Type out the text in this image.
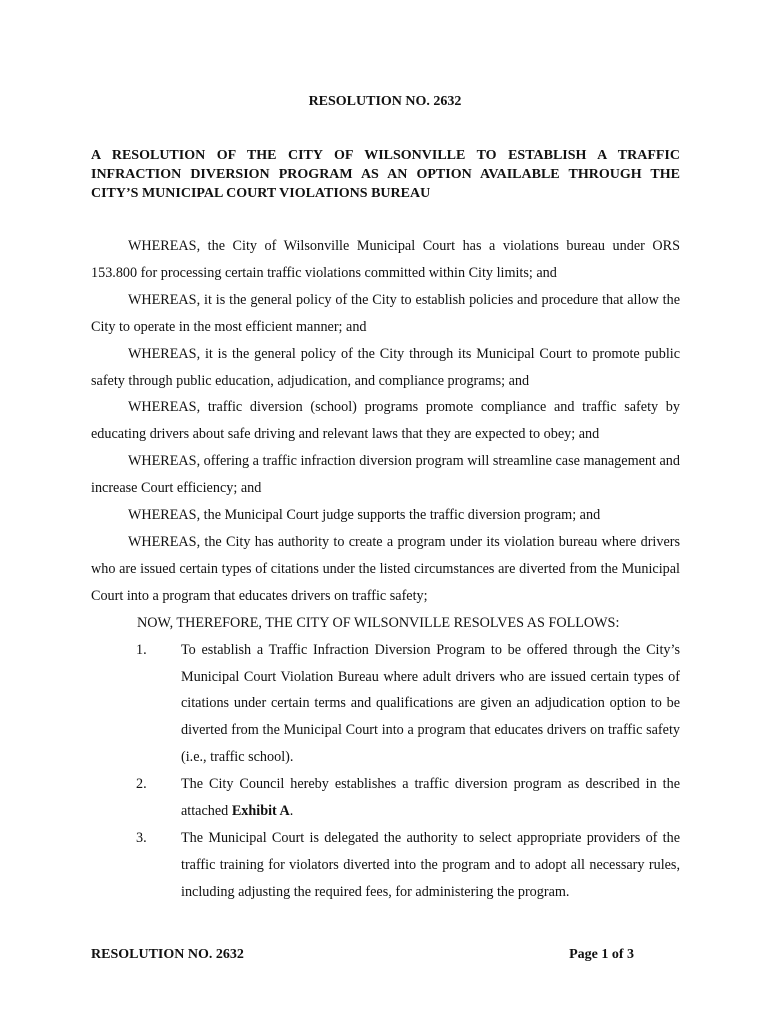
RESOLUTION NO. 2632
A RESOLUTION OF THE CITY OF WILSONVILLE TO ESTABLISH A TRAFFIC INFRACTION DIVERSION PROGRAM AS AN OPTION AVAILABLE THROUGH THE CITY’S MUNICIPAL COURT VIOLATIONS BUREAU

WHEREAS, the City of Wilsonville Municipal Court has a violations bureau under ORS 153.800 for processing certain traffic violations committed within City limits; and

WHEREAS, it is the general policy of the City to establish policies and procedure that allow the City to operate in the most efficient manner; and

WHEREAS, it is the general policy of the City through its Municipal Court to promote public safety through public education, adjudication, and compliance programs; and

WHEREAS, traffic diversion (school) programs promote compliance and traffic safety by educating drivers about safe driving and relevant laws that they are expected to obey; and

WHEREAS, offering a traffic infraction diversion program will streamline case management and increase Court efficiency; and

WHEREAS, the Municipal Court judge supports the traffic diversion program; and

WHEREAS, the City has authority to create a program under its violation bureau where drivers who are issued certain types of citations under the listed circumstances are diverted from the Municipal Court into a program that educates drivers on traffic safety;

NOW, THEREFORE, THE CITY OF WILSONVILLE RESOLVES AS FOLLOWS:

1. To establish a Traffic Infraction Diversion Program to be offered through the City’s Municipal Court Violation Bureau where adult drivers who are issued certain types of citations under certain terms and qualifications are given an adjudication option to be diverted from the Municipal Court into a program that educates drivers on traffic safety (i.e., traffic school).
2. The City Council hereby establishes a traffic diversion program as described in the attached Exhibit A.
3. The Municipal Court is delegated the authority to select appropriate providers of the traffic training for violators diverted into the program and to adopt all necessary rules, including adjusting the required fees, for administering the program.
RESOLUTION NO. 2632	Page 1 of 3
